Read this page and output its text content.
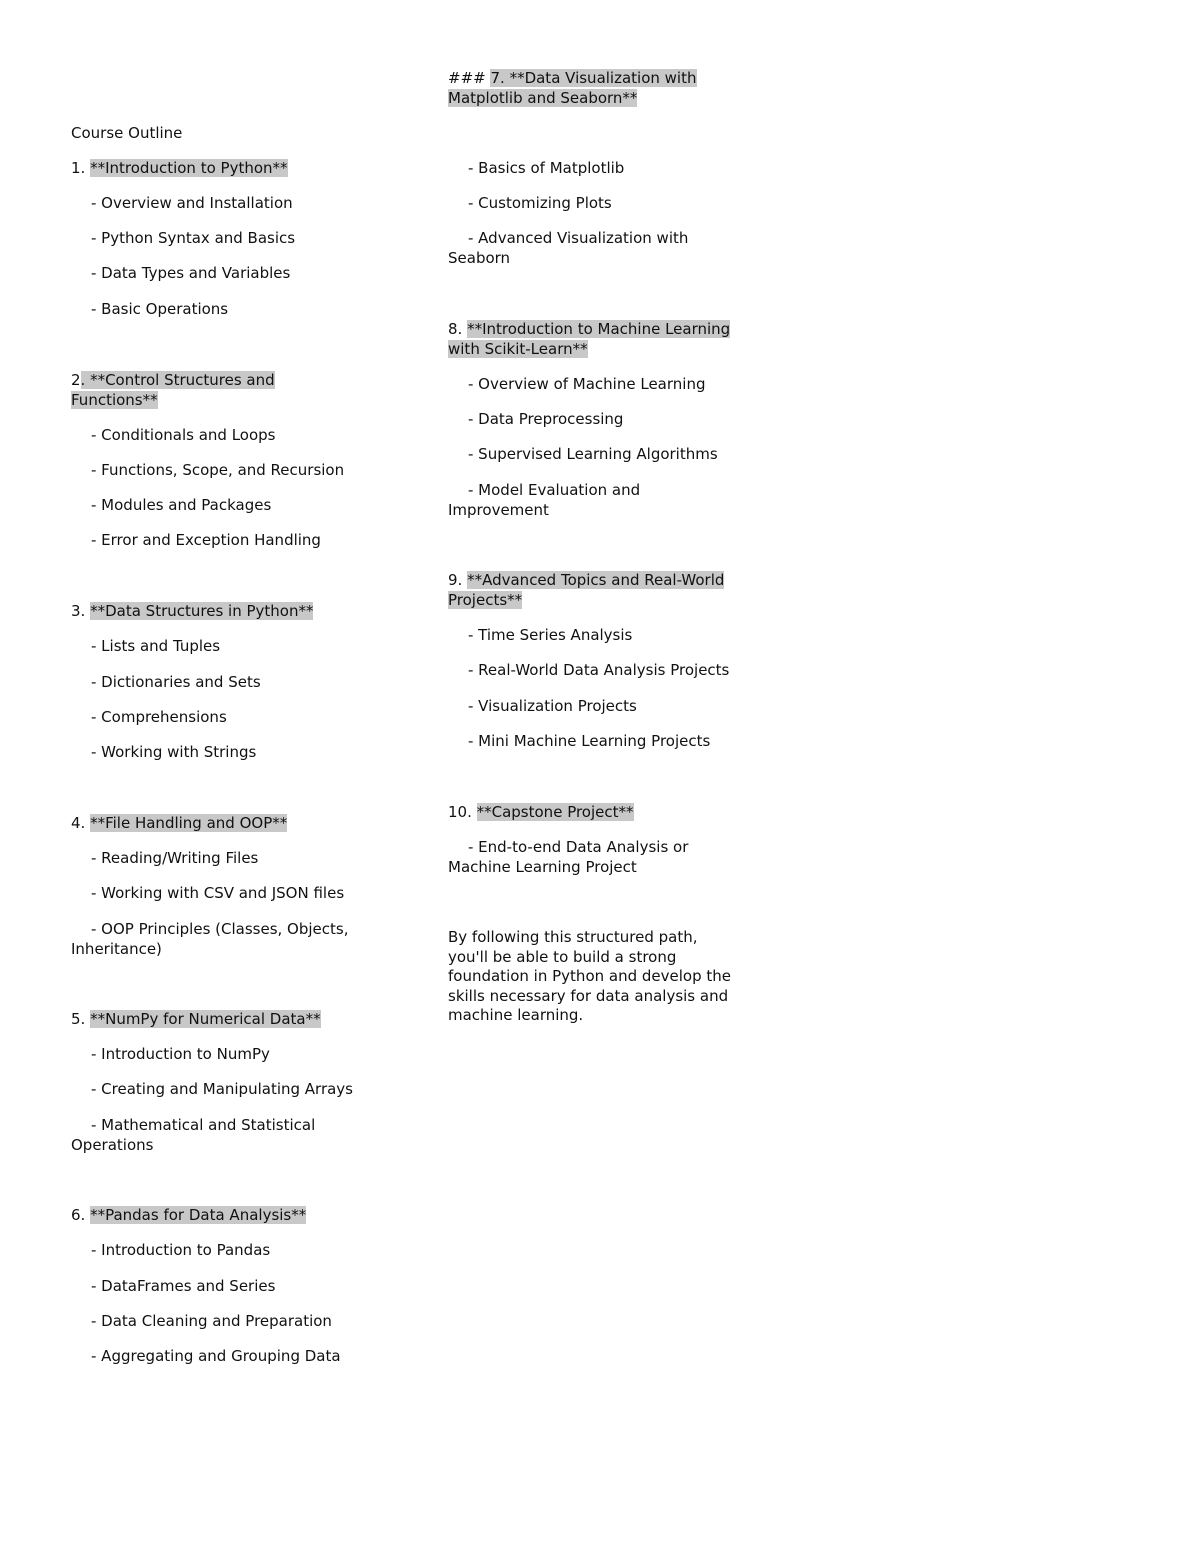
Course Outline
1. **Introduction to Python**
- Overview and Installation
- Python Syntax and Basics
- Data Types and Variables
- Basic Operations
2. **Control Structures and
Functions**
- Conditionals and Loops
- Functions, Scope, and Recursion
- Modules and Packages
- Error and Exception Handling
3. **Data Structures in Python**
- Lists and Tuples
- Dictionaries and Sets
- Comprehensions
- Working with Strings
4. **File Handling and OOP**
- Reading/Writing Files
- Working with CSV and JSON files
- OOP Principles (Classes, Objects,
Inheritance)
5. **NumPy for Numerical Data**
- Introduction to NumPy
- Creating and Manipulating Arrays
- Mathematical and Statistical
Operations
6. **Pandas for Data Analysis**
- Introduction to Pandas
- DataFrames and Series
- Data Cleaning and Preparation
- Aggregating and Grouping Data
### 7. **Data Visualization with
Matplotlib and Seaborn**
- Basics of Matplotlib
- Customizing Plots
- Advanced Visualization with
Seaborn
8. **Introduction to Machine Learning
with Scikit-Learn**
- Overview of Machine Learning
- Data Preprocessing
- Supervised Learning Algorithms
- Model Evaluation and
Improvement
9. **Advanced Topics and Real-World
Projects**
- Time Series Analysis
- Real-World Data Analysis Projects
- Visualization Projects
- Mini Machine Learning Projects
10. **Capstone Project**
- End-to-end Data Analysis or
Machine Learning Project
By following this structured path,
you'll be able to build a strong
foundation in Python and develop the
skills necessary for data analysis and
machine learning.
